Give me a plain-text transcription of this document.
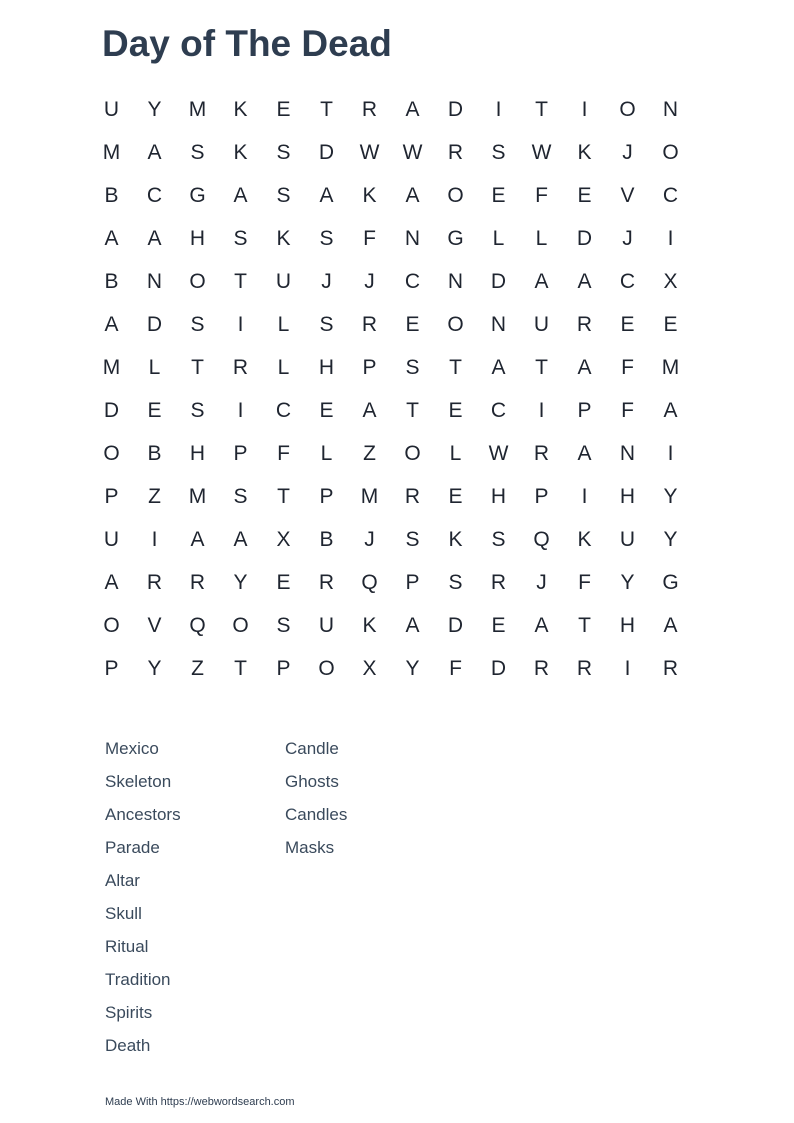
Day of The Dead
U	Y	M	K	E	T	R	A	D	I	T	I	O	N
M	A	S	K	S	D	W	W	R	S	W	K	J	O
B	C	G	A	S	A	K	A	O	E	F	E	V	C
A	A	H	S	K	S	F	N	G	L	L	D	J	I
B	N	O	T	U	J	J	C	N	D	A	A	C	X
A	D	S	I	L	S	R	E	O	N	U	R	E	E
M	L	T	R	L	H	P	S	T	A	T	A	F	M
D	E	S	I	C	E	A	T	E	C	I	P	F	A
O	B	H	P	F	L	Z	O	L	W	R	A	N	I
P	Z	M	S	T	P	M	R	E	H	P	I	H	Y
U	I	A	A	X	B	J	S	K	S	Q	K	U	Y
A	R	R	Y	E	R	Q	P	S	R	J	F	Y	G
O	V	Q	O	S	U	K	A	D	E	A	T	H	A
P	Y	Z	T	P	O	X	Y	F	D	R	R	I	R
Mexico
Skeleton
Ancestors
Parade
Altar
Skull
Ritual
Tradition
Spirits
Death
Candle
Ghosts
Candles
Masks
Made With https://webwordsearch.com
